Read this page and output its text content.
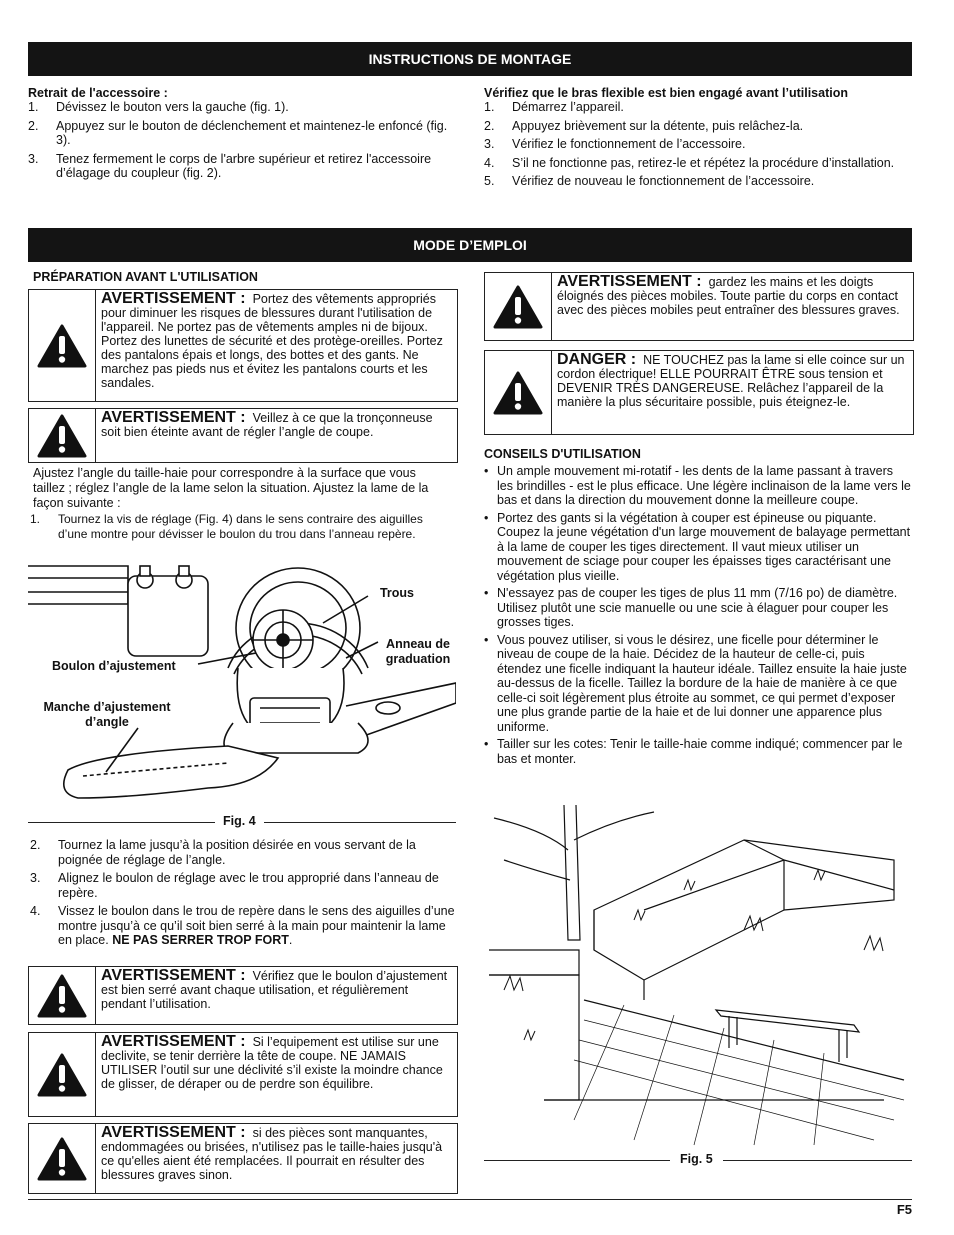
INSTRUCTIONS DE MONTAGE
Retrait de l'accessoire :
1.	Dévissez le bouton vers la gauche (fig. 1).
2.	Appuyez sur le bouton de déclenchement et maintenez-le enfoncé (fig. 3).
3.	Tenez fermement le corps de l'arbre supérieur et retirez l'accessoire d’élagage du coupleur (fig. 2).
Vérifiez que le bras flexible est bien engagé avant l’utilisation
1.	Démarrez l’appareil.
2.	Appuyez brièvement sur la détente, puis relâchez-la.
3.	Vérifiez le fonctionnement de l’accessoire.
4.	S’il ne fonctionne pas, retirez-le et répétez la procédure d’installation.
5.	Vérifiez de nouveau le fonctionnement de l’accessoire.
MODE D’EMPLOI
PRÉPARATION AVANT L'UTILISATION
AVERTISSEMENT : Portez des vêtements appropriés pour diminuer les risques de blessures durant l'utilisation de l'appareil. Ne portez pas de vêtements amples ni de bijoux. Portez des lunettes de sécurité et des protège-oreilles. Portez des pantalons épais et longs, des bottes et des gants. Ne marchez pas pieds nus et évitez les pantalons courts et les sandales.
AVERTISSEMENT : Veillez à ce que la tronçonneuse soit bien éteinte avant de régler l’angle de coupe.
Ajustez l’angle du taille-haie pour correspondre à la surface que vous taillez ; réglez l’angle de la lame selon la situation. Ajustez la lame de la façon suivante :
1.	Tournez la vis de réglage (Fig. 4) dans le sens contraire des aiguilles d’une montre pour dévisser le boulon du trou dans l’anneau repère.
Trous
Anneau de graduation
Boulon d’ajustement
Manche d’ajustement d’angle
Fig. 4
2.	Tournez la lame jusqu’à la position désirée en vous servant de la poignée de réglage de l’angle.
3.	Alignez le boulon de réglage avec le trou approprié dans l’anneau de repère.
4.	Vissez le boulon dans le trou de repère dans le sens des aiguilles d’une montre jusqu’à ce qu’il soit bien serré à la main pour maintenir la lame en place. NE PAS SERRER TROP FORT.
AVERTISSEMENT : Vérifiez que le boulon d’ajustement est bien serré avant chaque utilisation, et régulièrement pendant l’utilisation.
AVERTISSEMENT : Si l’equipement est utilise sur une declivite, se tenir derrière la tête de coupe. NE JAMAIS UTILISER l’outil sur une déclivité s’il existe la moindre chance de glisser, de déraper ou de perdre son équilibre.
AVERTISSEMENT : si des pièces sont manquantes, endommagées ou brisées, n'utilisez pas le taille-haies jusqu'à ce qu'elles aient été remplacées. Il pourrait en résulter des blessures graves sinon.
AVERTISSEMENT : gardez les mains et les doigts éloignés des pièces mobiles. Toute partie du corps en contact avec des pièces mobiles peut entraîner des blessures graves.
DANGER : NE TOUCHEZ pas la lame si elle coince sur un cordon électrique! ELLE POURRAIT ÊTRE sous tension et DEVENIR TRÈS DANGEREUSE. Relâchez l’appareil de la manière la plus sécuritaire possible, puis éteignez-le.
CONSEILS D'UTILISATION
• Un ample mouvement mi-rotatif - les dents de la lame passant à travers les brindilles - est le plus efficace. Une légère inclinaison de la lame vers le bas et dans la direction du mouvement donne la meilleure coupe.
• Portez des gants si la végétation à couper est épineuse ou piquante. Coupez la jeune végétation d'un large mouvement de balayage permettant à la lame de couper les tiges directement. Il vaut mieux utiliser un mouvement de sciage pour couper les épaisses tiges caractérisant une végétation plus vieille.
• N'essayez pas de couper les tiges de plus 11 mm (7/16 po) de diamètre. Utilisez plutôt une scie manuelle ou une scie à élaguer pour couper les grosses tiges.
• Vous pouvez utiliser, si vous le désirez, une ficelle pour déterminer le niveau de coupe de la haie. Décidez de la hauteur de celle-ci, puis étendez une ficelle indiquant la hauteur idéale. Taillez ensuite la haie juste au-dessus de la ficelle. Taillez la bordure de la haie de manière à ce que celle-ci soit légèrement plus étroite au sommet, ce qui permet d’exposer une plus grande partie de la haie et de lui donner une apparence plus uniforme.
• Tailler sur les cotes: Tenir le taille-haie comme indiqué; commencer par le bas et monter.
Fig. 5
F5
